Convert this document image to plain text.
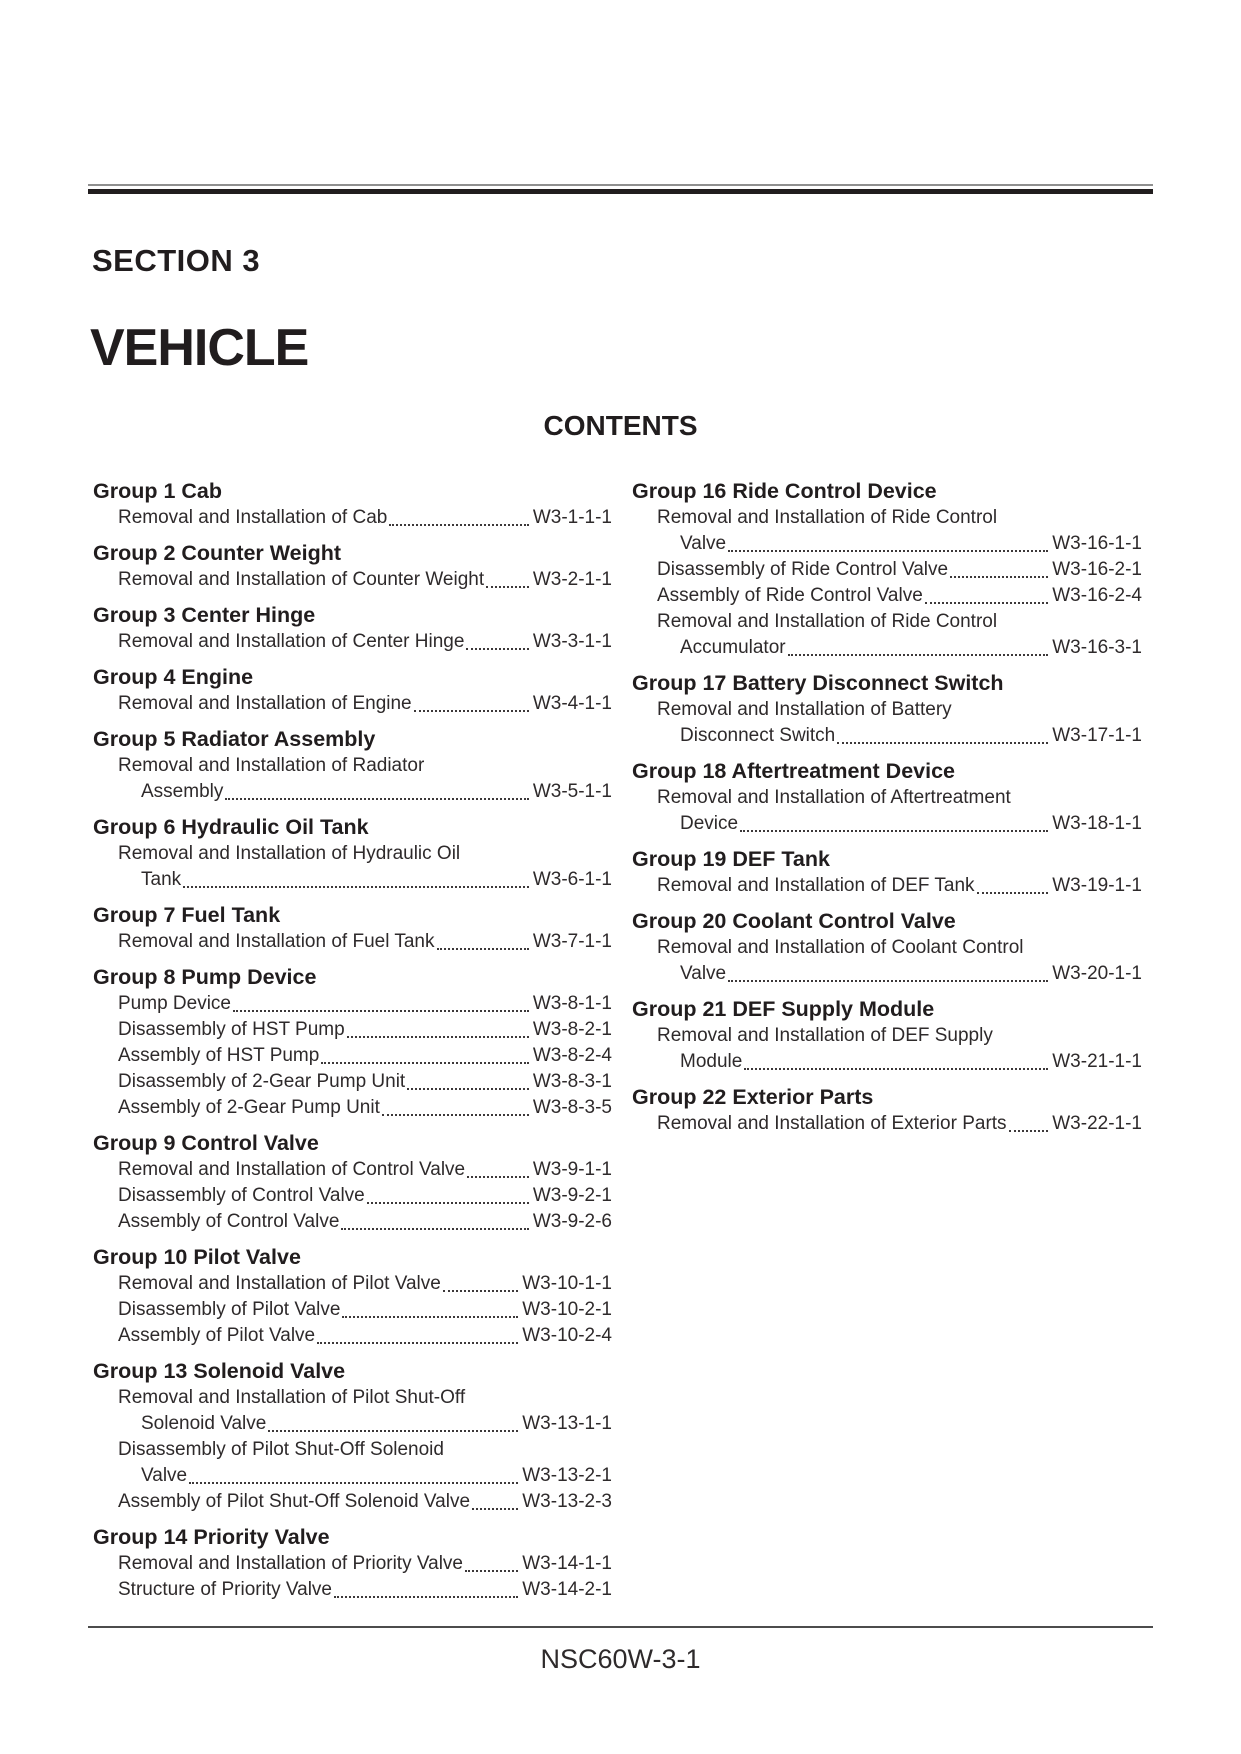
SECTION 3
VEHICLE
CONTENTS
Group 1 Cab
Removal and Installation of Cab	W3-1-1-1
Group 2 Counter Weight
Removal and Installation of Counter Weight	W3-2-1-1
Group 3 Center Hinge
Removal and Installation of Center Hinge	W3-3-1-1
Group 4 Engine
Removal and Installation of Engine	W3-4-1-1
Group 5 Radiator Assembly
Removal and Installation of Radiator
Assembly	W3-5-1-1
Group 6 Hydraulic Oil Tank
Removal and Installation of Hydraulic Oil
Tank	W3-6-1-1
Group 7 Fuel Tank
Removal and Installation of Fuel Tank	W3-7-1-1
Group 8 Pump Device
Pump Device	W3-8-1-1
Disassembly of HST Pump	W3-8-2-1
Assembly of HST Pump	W3-8-2-4
Disassembly of 2-Gear Pump Unit	W3-8-3-1
Assembly of 2-Gear Pump Unit	W3-8-3-5
Group 9 Control Valve
Removal and Installation of Control Valve	W3-9-1-1
Disassembly of Control Valve	W3-9-2-1
Assembly of Control Valve	W3-9-2-6
Group 10 Pilot Valve
Removal and Installation of Pilot Valve	W3-10-1-1
Disassembly of Pilot Valve	W3-10-2-1
Assembly of Pilot Valve	W3-10-2-4
Group 13 Solenoid Valve
Removal and Installation of Pilot Shut-Off
Solenoid Valve	W3-13-1-1
Disassembly of Pilot Shut-Off Solenoid
Valve	W3-13-2-1
Assembly of Pilot Shut-Off Solenoid Valve	W3-13-2-3
Group 14 Priority Valve
Removal and Installation of Priority Valve	W3-14-1-1
Structure of Priority Valve	W3-14-2-1
Group 16 Ride Control Device
Removal and Installation of Ride Control
Valve	W3-16-1-1
Disassembly of Ride Control Valve	W3-16-2-1
Assembly of Ride Control Valve	W3-16-2-4
Removal and Installation of Ride Control
Accumulator	W3-16-3-1
Group 17 Battery Disconnect Switch
Removal and Installation of Battery
Disconnect Switch	W3-17-1-1
Group 18 Aftertreatment Device
Removal and Installation of Aftertreatment
Device	W3-18-1-1
Group 19 DEF Tank
Removal and Installation of DEF Tank	W3-19-1-1
Group 20 Coolant Control Valve
Removal and Installation of Coolant Control
Valve	W3-20-1-1
Group 21 DEF Supply Module
Removal and Installation of DEF Supply
Module	W3-21-1-1
Group 22 Exterior Parts
Removal and Installation of Exterior Parts W3-22-1-1
NSC60W-3-1
